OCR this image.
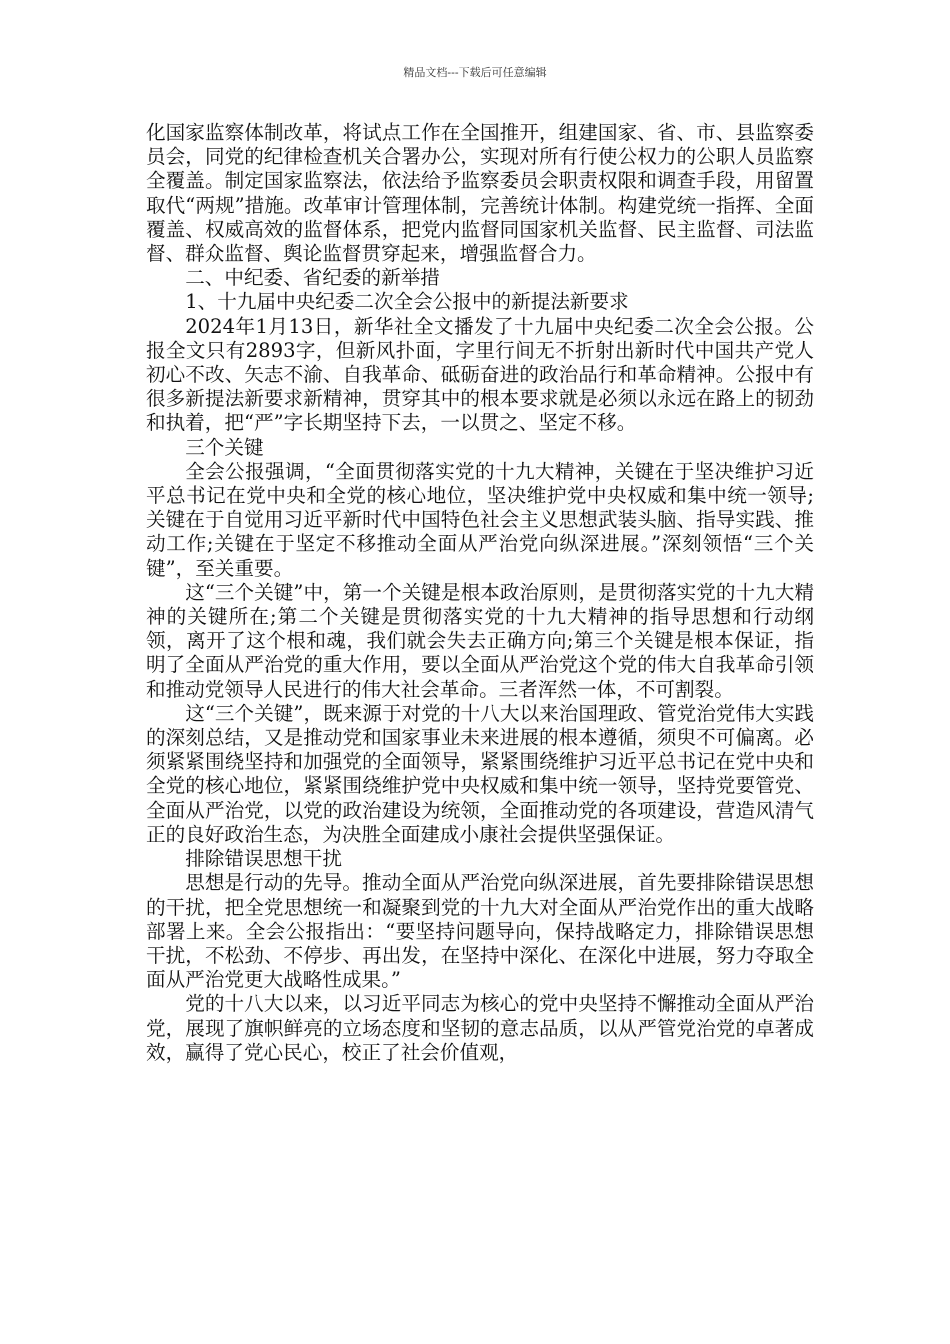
精品文档---下载后可任意编辑

化国家监察体制改革，将试点工作在全国推开，组建国家、省、市、县监察委员会，同党的纪律检查机关合署办公，实现对所有行使公权力的公职人员监察全覆盖。制定国家监察法，依法给予监察委员会职责权限和调查手段，用留置取代“两规”措施。改革审计管理体制，完善统计体制。构建党统一指挥、全面覆盖、权威高效的监督体系，把党内监督同国家机关监督、民主监督、司法监督、群众监督、舆论监督贯穿起来，增强监督合力。

二、中纪委、省纪委的新举措

1、十九届中央纪委二次全会公报中的新提法新要求

2024年1月13日，新华社全文播发了十九届中央纪委二次全会公报。公报全文只有2893字，但新风扑面，字里行间无不折射出新时代中国共产党人初心不改、矢志不渝、自我革命、砥砺奋进的政治品行和革命精神。公报中有很多新提法新要求新精神，贯穿其中的根本要求就是必须以永远在路上的韧劲和执着，把“严”字长期坚持下去，一以贯之、坚定不移。

三个关键

全会公报强调，“全面贯彻落实党的十九大精神，关键在于坚决维护习近平总书记在党中央和全党的核心地位，坚决维护党中央权威和集中统一领导;关键在于自觉用习近平新时代中国特色社会主义思想武装头脑、指导实践、推动工作;关键在于坚定不移推动全面从严治党向纵深进展。”深刻领悟“三个关键”，至关重要。

这“三个关键”中，第一个关键是根本政治原则，是贯彻落实党的十九大精神的关键所在;第二个关键是贯彻落实党的十九大精神的指导思想和行动纲领，离开了这个根和魂，我们就会失去正确方向;第三个关键是根本保证，指明了全面从严治党的重大作用，要以全面从严治党这个党的伟大自我革命引领和推动党领导人民进行的伟大社会革命。三者浑然一体，不可割裂。

这“三个关键”，既来源于对党的十八大以来治国理政、管党治党伟大实践的深刻总结，又是推动党和国家事业未来进展的根本遵循，须臾不可偏离。必须紧紧围绕坚持和加强党的全面领导，紧紧围绕维护习近平总书记在党中央和全党的核心地位，紧紧围绕维护党中央权威和集中统一领导，坚持党要管党、全面从严治党，以党的政治建设为统领，全面推动党的各项建设，营造风清气正的良好政治生态，为决胜全面建成小康社会提供坚强保证。

排除错误思想干扰

思想是行动的先导。推动全面从严治党向纵深进展，首先要排除错误思想的干扰，把全党思想统一和凝聚到党的十九大对全面从严治党作出的重大战略部署上来。全会公报指出：“要坚持问题导向，保持战略定力，排除错误思想干扰，不松劲、不停步、再出发，在坚持中深化、在深化中进展，努力夺取全面从严治党更大战略性成果。”

党的十八大以来，以习近平同志为核心的党中央坚持不懈推动全面从严治党，展现了旗帜鲜亮的立场态度和坚韧的意志品质，以从严管党治党的卓著成效，赢得了党心民心，校正了社会价值观，
